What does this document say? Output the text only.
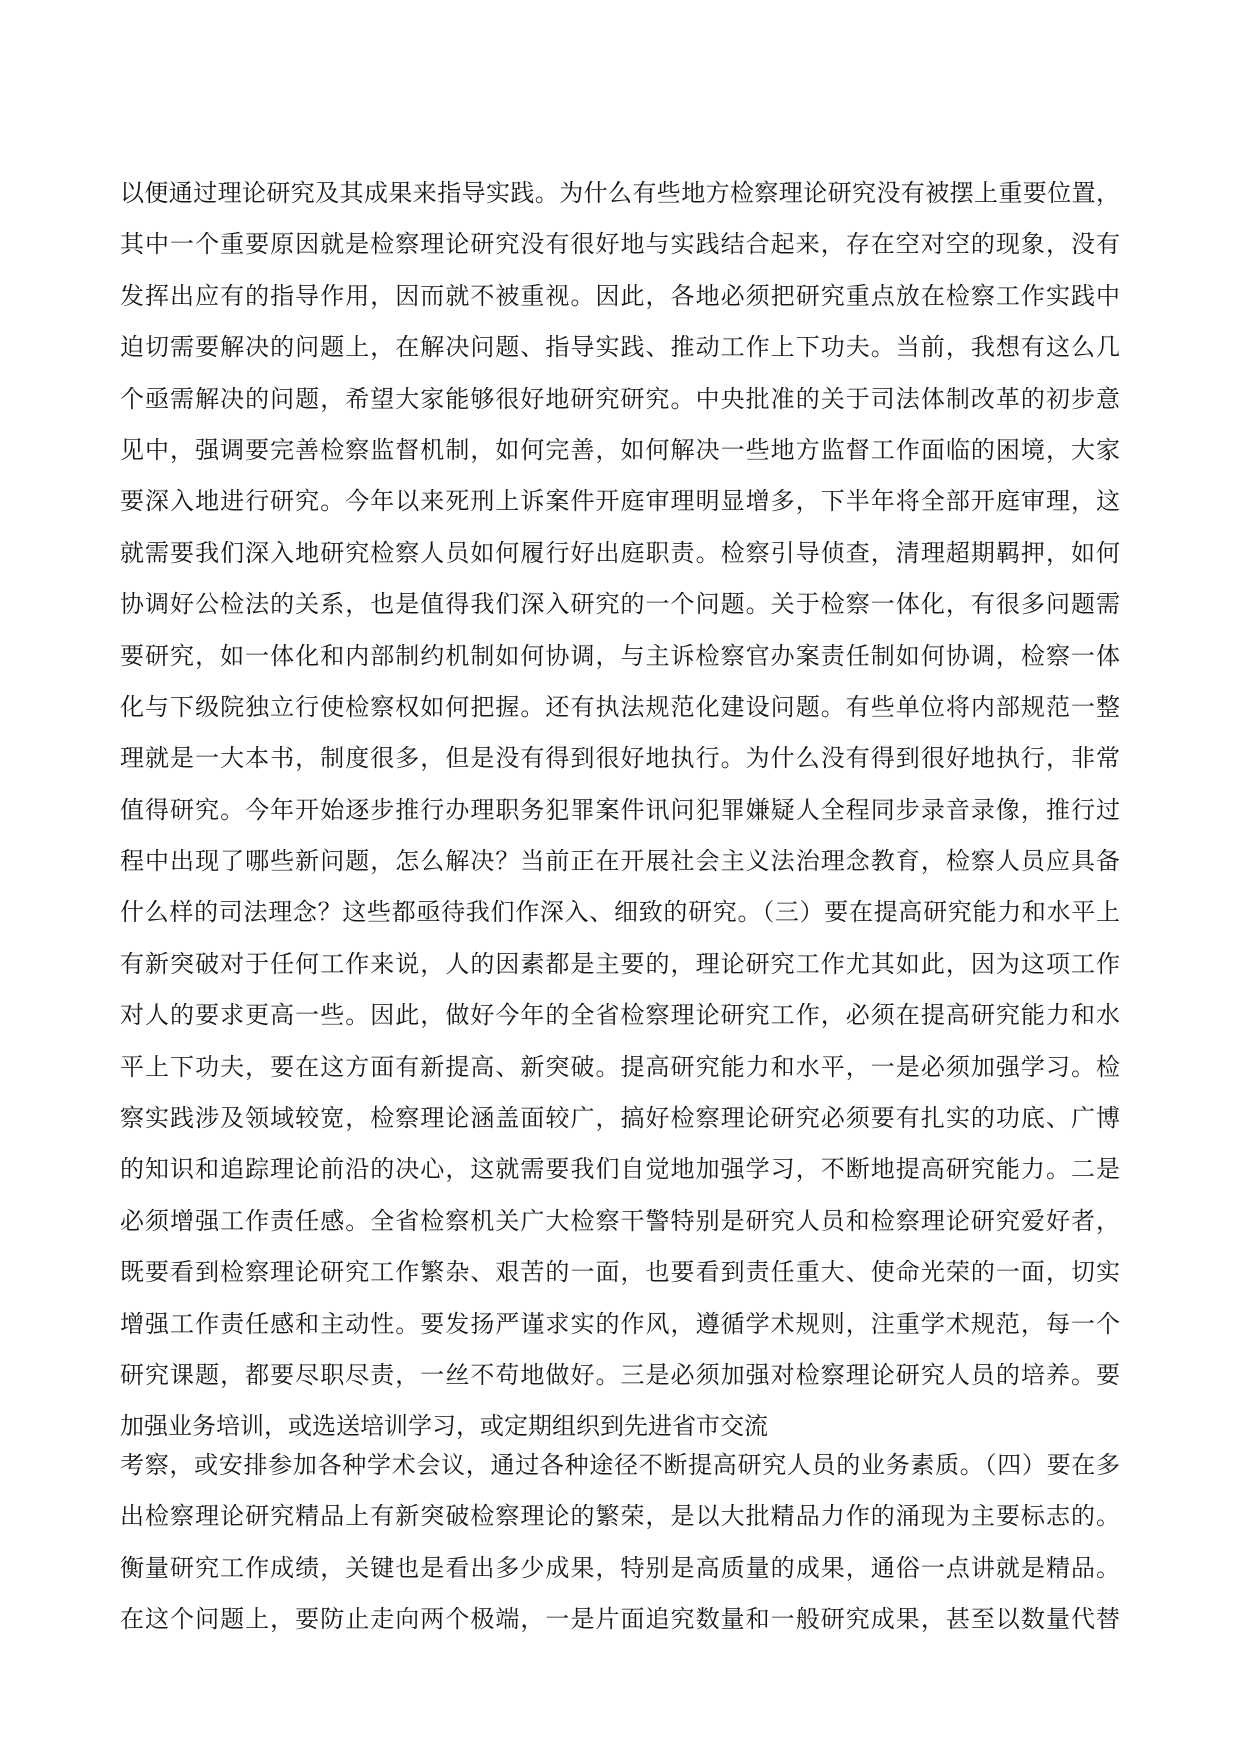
以便通过理论研究及其成果来指导实践。为什么有些地方检察理论研究没有被摆上重要位置，
其中一个重要原因就是检察理论研究没有很好地与实践结合起来，存在空对空的现象，没有
发挥出应有的指导作用，因而就不被重视。因此，各地必须把研究重点放在检察工作实践中
迫切需要解决的问题上，在解决问题、指导实践、推动工作上下功夫。当前，我想有这么几
个亟需解决的问题，希望大家能够很好地研究研究。中央批准的关于司法体制改革的初步意
见中，强调要完善检察监督机制，如何完善，如何解决一些地方监督工作面临的困境，大家
要深入地进行研究。今年以来死刑上诉案件开庭审理明显增多，下半年将全部开庭审理，这
就需要我们深入地研究检察人员如何履行好出庭职责。检察引导侦查，清理超期羁押，如何
协调好公检法的关系，也是值得我们深入研究的一个问题。关于检察一体化，有很多问题需
要研究，如一体化和内部制约机制如何协调，与主诉检察官办案责任制如何协调，检察一体
化与下级院独立行使检察权如何把握。还有执法规范化建设问题。有些单位将内部规范一整
理就是一大本书，制度很多，但是没有得到很好地执行。为什么没有得到很好地执行，非常
值得研究。今年开始逐步推行办理职务犯罪案件讯问犯罪嫌疑人全程同步录音录像，推行过
程中出现了哪些新问题，怎么解决？当前正在开展社会主义法治理念教育，检察人员应具备
什么样的司法理念？这些都亟待我们作深入、细致的研究。（三）要在提高研究能力和水平上
有新突破对于任何工作来说，人的因素都是主要的，理论研究工作尤其如此，因为这项工作
对人的要求更高一些。因此，做好今年的全省检察理论研究工作，必须在提高研究能力和水
平上下功夫，要在这方面有新提高、新突破。提高研究能力和水平，一是必须加强学习。检
察实践涉及领域较宽，检察理论涵盖面较广，搞好检察理论研究必须要有扎实的功底、广博
的知识和追踪理论前沿的决心，这就需要我们自觉地加强学习，不断地提高研究能力。二是
必须增强工作责任感。全省检察机关广大检察干警特别是研究人员和检察理论研究爱好者，
既要看到检察理论研究工作繁杂、艰苦的一面，也要看到责任重大、使命光荣的一面，切实
增强工作责任感和主动性。要发扬严谨求实的作风，遵循学术规则，注重学术规范，每一个
研究课题，都要尽职尽责，一丝不苟地做好。三是必须加强对检察理论研究人员的培养。要
加强业务培训，或选送培训学习，或定期组织到先进省市交流
考察，或安排参加各种学术会议，通过各种途径不断提高研究人员的业务素质。（四）要在多
出检察理论研究精品上有新突破检察理论的繁荣，是以大批精品力作的涌现为主要标志的。
衡量研究工作成绩，关键也是看出多少成果，特别是高质量的成果，通俗一点讲就是精品。
在这个问题上，要防止走向两个极端，一是片面追究数量和一般研究成果，甚至以数量代替
